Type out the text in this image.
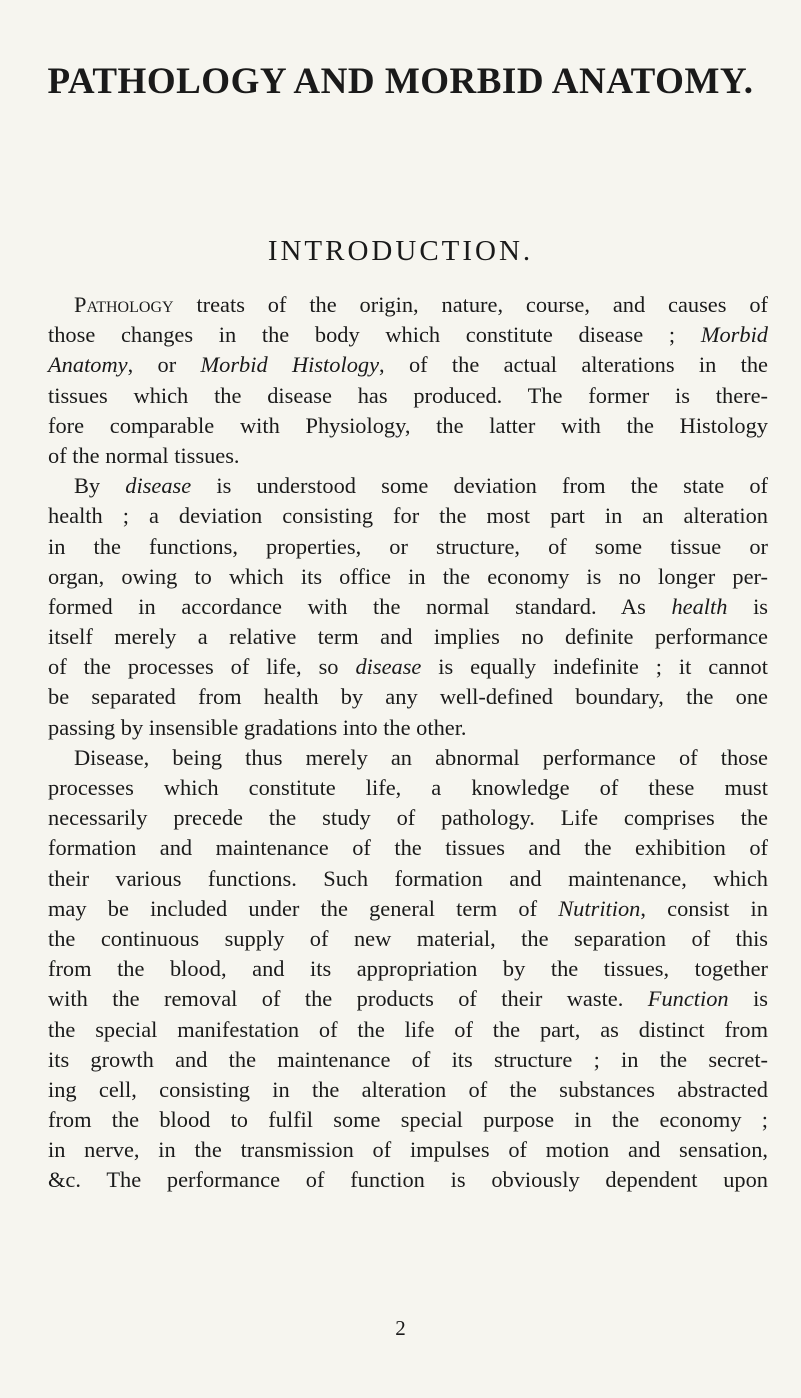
PATHOLOGY AND MORBID ANATOMY.
INTRODUCTION.
Pathology treats of the origin, nature, course, and causes of
those changes in the body which constitute disease ; Morbid
Anatomy, or Morbid Histology, of the actual alterations in the
tissues which the disease has produced. The former is there-
fore comparable with Physiology, the latter with the Histology
of the normal tissues.
By disease is understood some deviation from the state of
health ; a deviation consisting for the most part in an alteration
in the functions, properties, or structure, of some tissue or
organ, owing to which its office in the economy is no longer per-
formed in accordance with the normal standard. As health is
itself merely a relative term and implies no definite performance
of the processes of life, so disease is equally indefinite ; it cannot
be separated from health by any well-defined boundary, the one
passing by insensible gradations into the other.
Disease, being thus merely an abnormal performance of those
processes which constitute life, a knowledge of these must
necessarily precede the study of pathology. Life comprises the
formation and maintenance of the tissues and the exhibition of
their various functions. Such formation and maintenance, which
may be included under the general term of Nutrition, consist in
the continuous supply of new material, the separation of this
from the blood, and its appropriation by the tissues, together
with the removal of the products of their waste. Function is
the special manifestation of the life of the part, as distinct from
its growth and the maintenance of its structure ; in the secret-
ing cell, consisting in the alteration of the substances abstracted
from the blood to fulfil some special purpose in the economy ;
in nerve, in the transmission of impulses of motion and sensation,
&c. The performance of function is obviously dependent upon
2
